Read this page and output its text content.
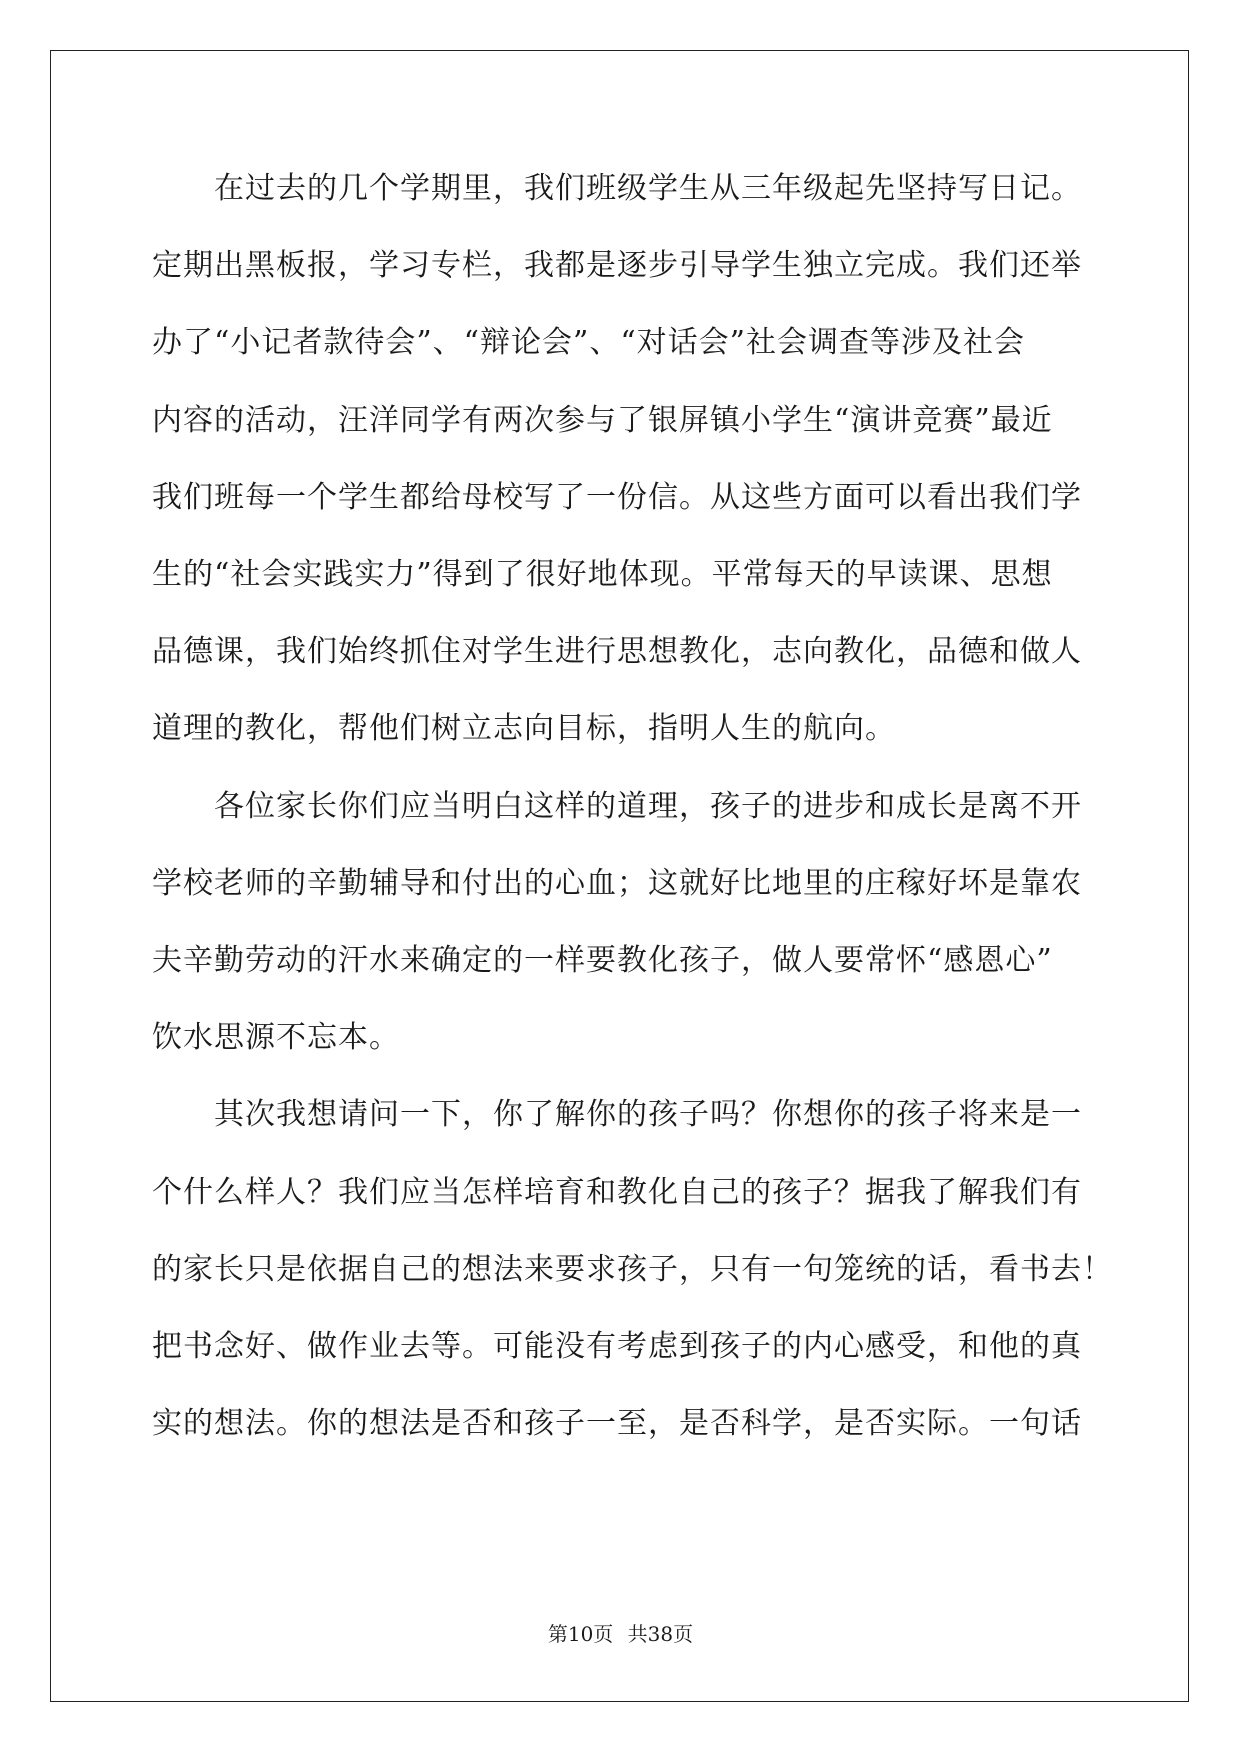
在过去的几个学期里，我们班级学生从三年级起先坚持写日记。
定期出黑板报，学习专栏，我都是逐步引导学生独立完成。我们还举
办了“小记者款待会”、“辩论会”、“对话会”社会调查等涉及社会
内容的活动，汪洋同学有两次参与了银屏镇小学生“演讲竞赛”最近
我们班每一个学生都给母校写了一份信。从这些方面可以看出我们学
生的“社会实践实力”得到了很好地体现。平常每天的早读课、思想
品德课，我们始终抓住对学生进行思想教化，志向教化，品德和做人
道理的教化，帮他们树立志向目标，指明人生的航向。
各位家长你们应当明白这样的道理，孩子的进步和成长是离不开
学校老师的辛勤辅导和付出的心血；这就好比地里的庄稼好坏是靠农
夫辛勤劳动的汗水来确定的一样要教化孩子，做人要常怀“感恩心”
饮水思源不忘本。
其次我想请问一下，你了解你的孩子吗？你想你的孩子将来是一
个什么样人？我们应当怎样培育和教化自己的孩子？据我了解我们有
的家长只是依据自己的想法来要求孩子，只有一句笼统的话，看书去！
把书念好、做作业去等。可能没有考虑到孩子的内心感受，和他的真
实的想法。你的想法是否和孩子一至，是否科学，是否实际。一句话
第10页 共38页
